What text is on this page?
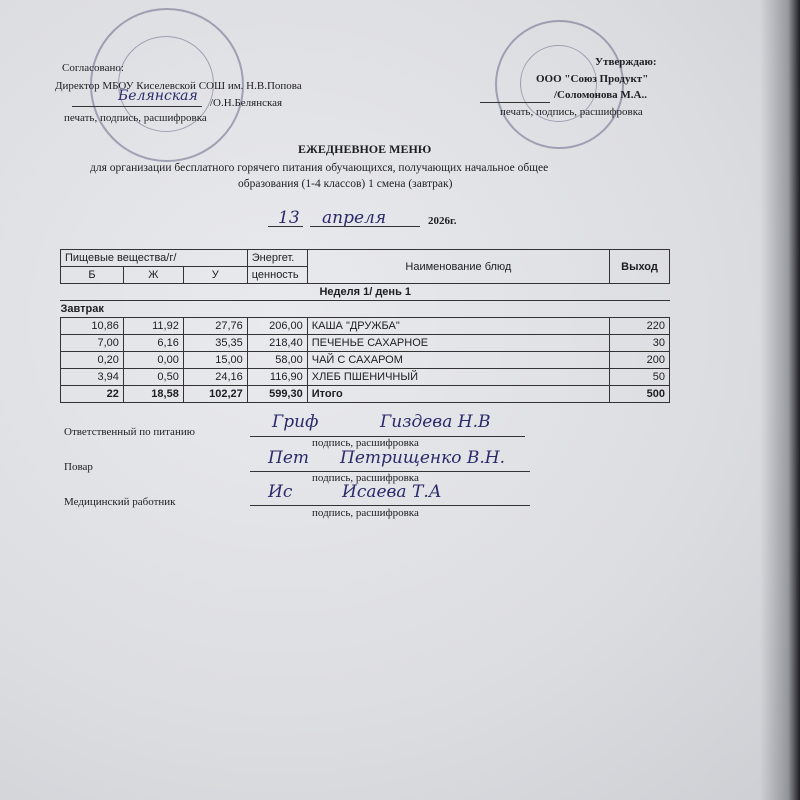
Согласовано:
Директор МБОУ Киселевской СОШ им. Н.В.Попова
Белянская /О.Н.Белянская
печать, подпись, расшифровка
Утверждаю:
ООО "Союз Продукт"
/Соломонова М.А..
печать, подпись, расшифровка
ЕЖЕДНЕВНОЕ МЕНЮ
для организации бесплатного горячего питания обучающихся, получающих начальное общее
образования (1-4 классов) 1 смена (завтрак)
13 апреля	2026г.
Пищевые вещества/г/			Энергет.	Наименование блюд	Выход
Б	Ж	У	ценность		
Неделя 1/ день 1					
Завтрак					
10,86	11,92	27,76	206,00	КАША "ДРУЖБА"	220
7,00	6,16	35,35	218,40	ПЕЧЕНЬЕ САХАРНОЕ	30
0,20	0,00	15,00	58,00	ЧАЙ С САХАРОМ	200
3,94	0,50	24,16	116,90	ХЛЕБ ПШЕНИЧНЫЙ	50
22	18,58	102,27	599,30	Итого	500
Ответственный по питанию	Гриф	Гиздева Н.В
подпись, расшифровка
Повар	Пет Петрищенко В.Н.
подпись, расшифровка
Медицинский работник	Ис	Исаева Т.А
подпись, расшифровка
